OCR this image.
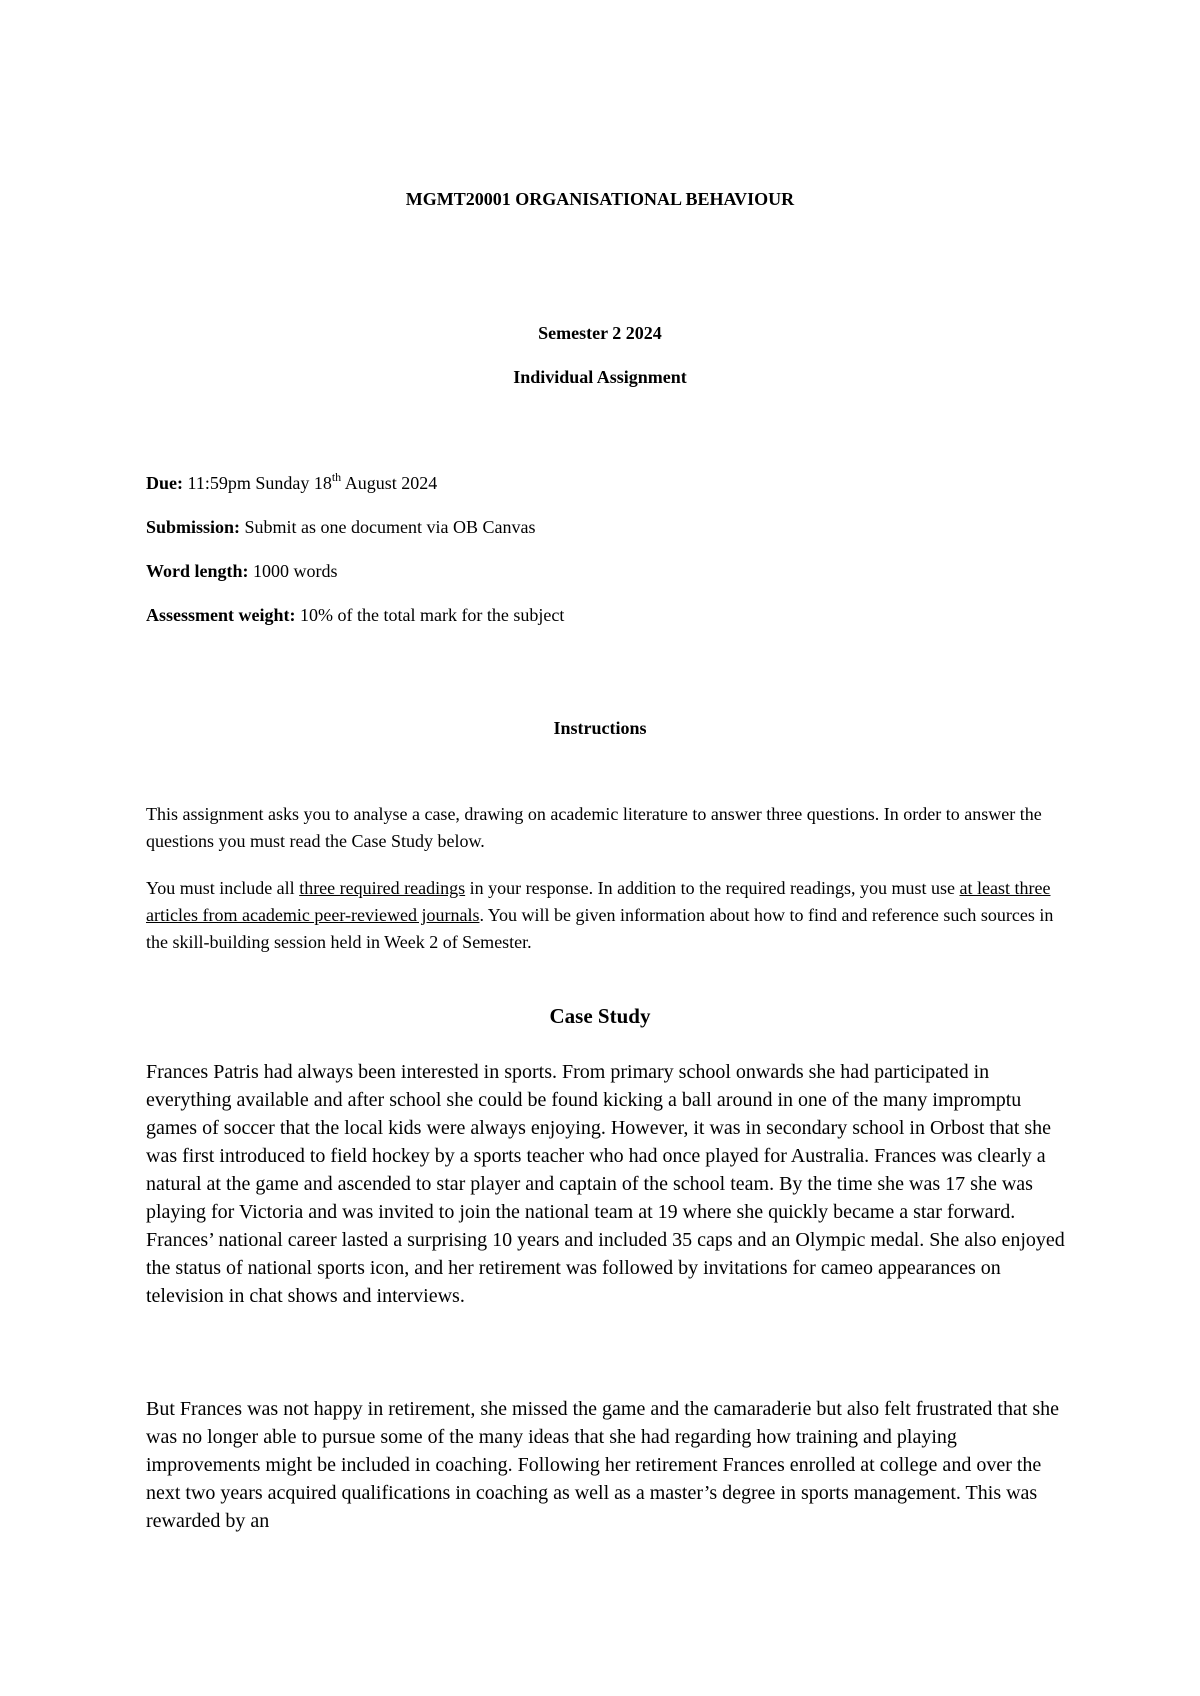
MGMT20001 ORGANISATIONAL BEHAVIOUR
Semester 2 2024
Individual Assignment
Due: 11:59pm Sunday 18th August 2024
Submission: Submit as one document via OB Canvas
Word length: 1000 words
Assessment weight: 10% of the total mark for the subject
Instructions
This assignment asks you to analyse a case, drawing on academic literature to answer three questions. In order to answer the questions you must read the Case Study below.
You must include all three required readings in your response. In addition to the required readings, you must use at least three articles from academic peer-reviewed journals. You will be given information about how to find and reference such sources in the skill-building session held in Week 2 of Semester.
Case Study
Frances Patris had always been interested in sports. From primary school onwards she had participated in everything available and after school she could be found kicking a ball around in one of the many impromptu games of soccer that the local kids were always enjoying. However, it was in secondary school in Orbost that she was first introduced to field hockey by a sports teacher who had once played for Australia. Frances was clearly a natural at the game and ascended to star player and captain of the school team. By the time she was 17 she was playing for Victoria and was invited to join the national team at 19 where she quickly became a star forward. Frances’ national career lasted a surprising 10 years and included 35 caps and an Olympic medal. She also enjoyed the status of national sports icon, and her retirement was followed by invitations for cameo appearances on television in chat shows and interviews.
But Frances was not happy in retirement, she missed the game and the camaraderie but also felt frustrated that she was no longer able to pursue some of the many ideas that she had regarding how training and playing improvements might be included in coaching. Following her retirement Frances enrolled at college and over the next two years acquired qualifications in coaching as well as a master’s degree in sports management. This was rewarded by an
